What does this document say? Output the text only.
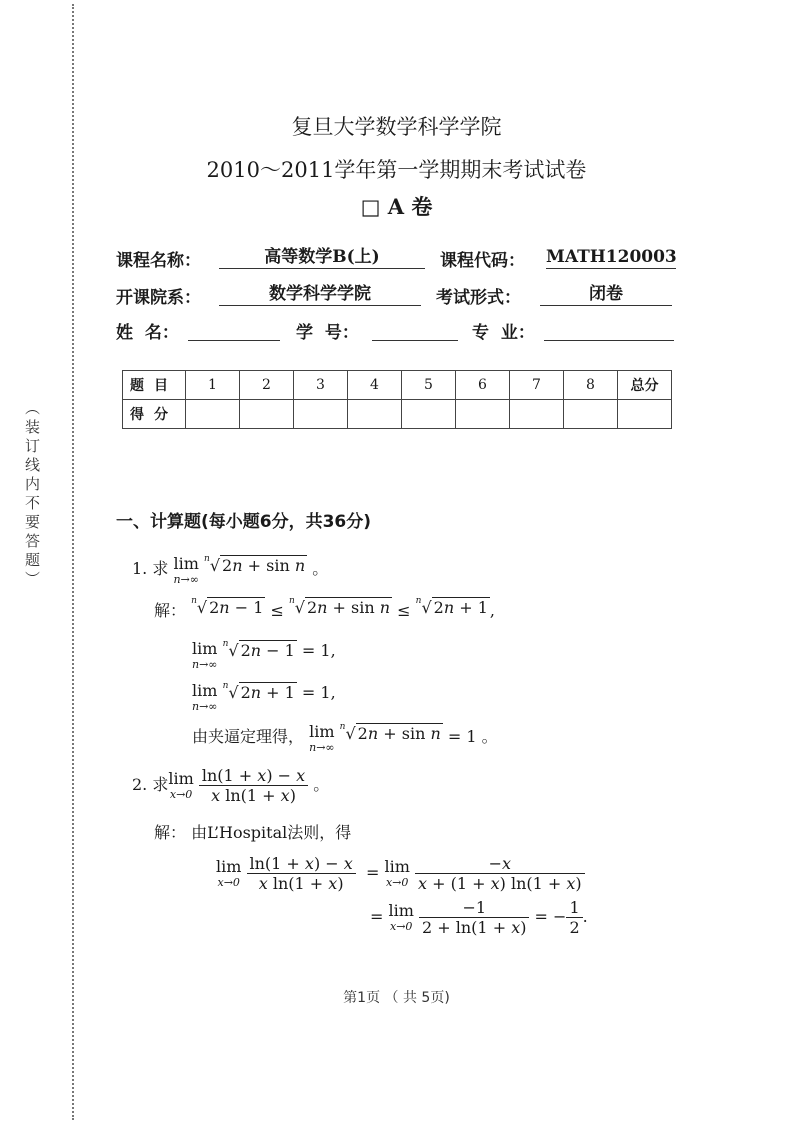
（装订线内不要答题）
复旦大学数学科学学院
2010～2011学年第一学期期末考试试卷
□ A 卷
课程名称：	高等数学B(上)	课程代码： MATH120003
开课院系：	数学科学学院	考试形式：	闭卷
姓  名：	学  号：	专  业：
题目	1	2	3	4	5	6	7	8	总分
得分									
一、计算题(每小题6分，共36分)
1. 求 lim
n→∞
$^n$√ 2n + sin n 。
解： $^n$√ 2n − 1 ≤ $^n$√ 2n + sin n ≤ $^n$√ 2n + 1 ,
lim
n→∞
$^n$√ 2n − 1 = 1,
lim
n→∞
$^n$√ 2n + 1 = 1,
由夹逼定理得， lim
n→∞
$^n$√ 2n + sin n = 1 。
2. 求 lim
x→0
$\frac{\ln(1 + x) - x}{\text{x ln(1 + x)}}$ 。
解： 由L’Hospital法则，得
lim
x→0
$\frac{\ln(1 + x) - x}{\text{x ln(1 + x)}} = \lim$
x→0
$\frac{-x}{x + (1 + x) \ln(1 + x)}$
= lim
x→0
$\frac{-1}{2 + \ln(1 + x)}$ = − $\frac{1}{2}$ .
第1页 （ 共 5页)
